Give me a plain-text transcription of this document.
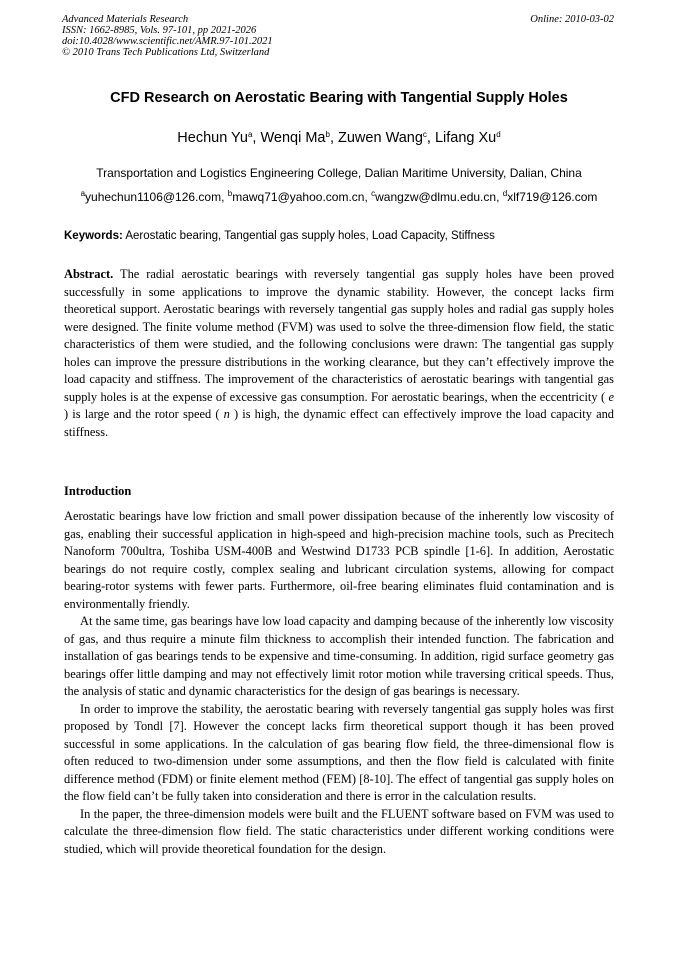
Advanced Materials Research
ISSN: 1662-8985, Vols. 97-101, pp 2021-2026
doi:10.4028/www.scientific.net/AMR.97-101.2021
© 2010 Trans Tech Publications Ltd, Switzerland
Online: 2010-03-02
CFD Research on Aerostatic Bearing with Tangential Supply Holes
Hechun Yu$^a$, Wenqi Ma$^b$, Zuwen Wang$^c$, Lifang Xu$^d$
Transportation and Logistics Engineering College, Dalian Maritime University, Dalian, China
$^a$yuhechun1106@126.com, $^b$mawq71@yahoo.com.cn, $^c$wangzw@dlmu.edu.cn, $^d$xlf719@126.com
Keywords: Aerostatic bearing, Tangential gas supply holes, Load Capacity, Stiffness
Abstract. The radial aerostatic bearings with reversely tangential gas supply holes have been proved successfully in some applications to improve the dynamic stability. However, the concept lacks firm theoretical support. Aerostatic bearings with reversely tangential gas supply holes and radial gas supply holes were designed. The finite volume method (FVM) was used to solve the three-dimension flow field, the static characteristics of them were studied, and the following conclusions were drawn: The tangential gas supply holes can improve the pressure distributions in the working clearance, but they can’t effectively improve the load capacity and stiffness. The improvement of the characteristics of aerostatic bearings with tangential gas supply holes is at the expense of excessive gas consumption. For aerostatic bearings, when the eccentricity ( e ) is large and the rotor speed ( n ) is high, the dynamic effect can effectively improve the load capacity and stiffness.
Introduction

Aerostatic bearings have low friction and small power dissipation because of the inherently low viscosity of gas, enabling their successful application in high-speed and high-precision machine tools, such as Precitech Nanoform 700ultra, Toshiba USM-400B and Westwind D1733 PCB spindle [1-6]. In addition, Aerostatic bearings do not require costly, complex sealing and lubricant circulation systems, allowing for compact bearing-rotor systems with fewer parts. Furthermore, oil-free bearing eliminates fluid contamination and is environmentally friendly.

At the same time, gas bearings have low load capacity and damping because of the inherently low viscosity of gas, and thus require a minute film thickness to accomplish their intended function. The fabrication and installation of gas bearings tends to be expensive and time-consuming. In addition, rigid surface geometry gas bearings offer little damping and may not effectively limit rotor motion while traversing critical speeds. Thus, the analysis of static and dynamic characteristics for the design of gas bearings is necessary.

In order to improve the stability, the aerostatic bearing with reversely tangential gas supply holes was first proposed by Tondl [7]. However the concept lacks firm theoretical support though it has been proved successful in some applications. In the calculation of gas bearing flow field, the three-dimensional flow is often reduced to two-dimension under some assumptions, and then the flow field is calculated with finite difference method (FDM) or finite element method (FEM) [8-10]. The effect of tangential gas supply holes on the flow field can’t be fully taken into consideration and there is error in the calculation results.

In the paper, the three-dimension models were built and the FLUENT software based on FVM was used to calculate the three-dimension flow field. The static characteristics under different working conditions were studied, which will provide theoretical foundation for the design.
